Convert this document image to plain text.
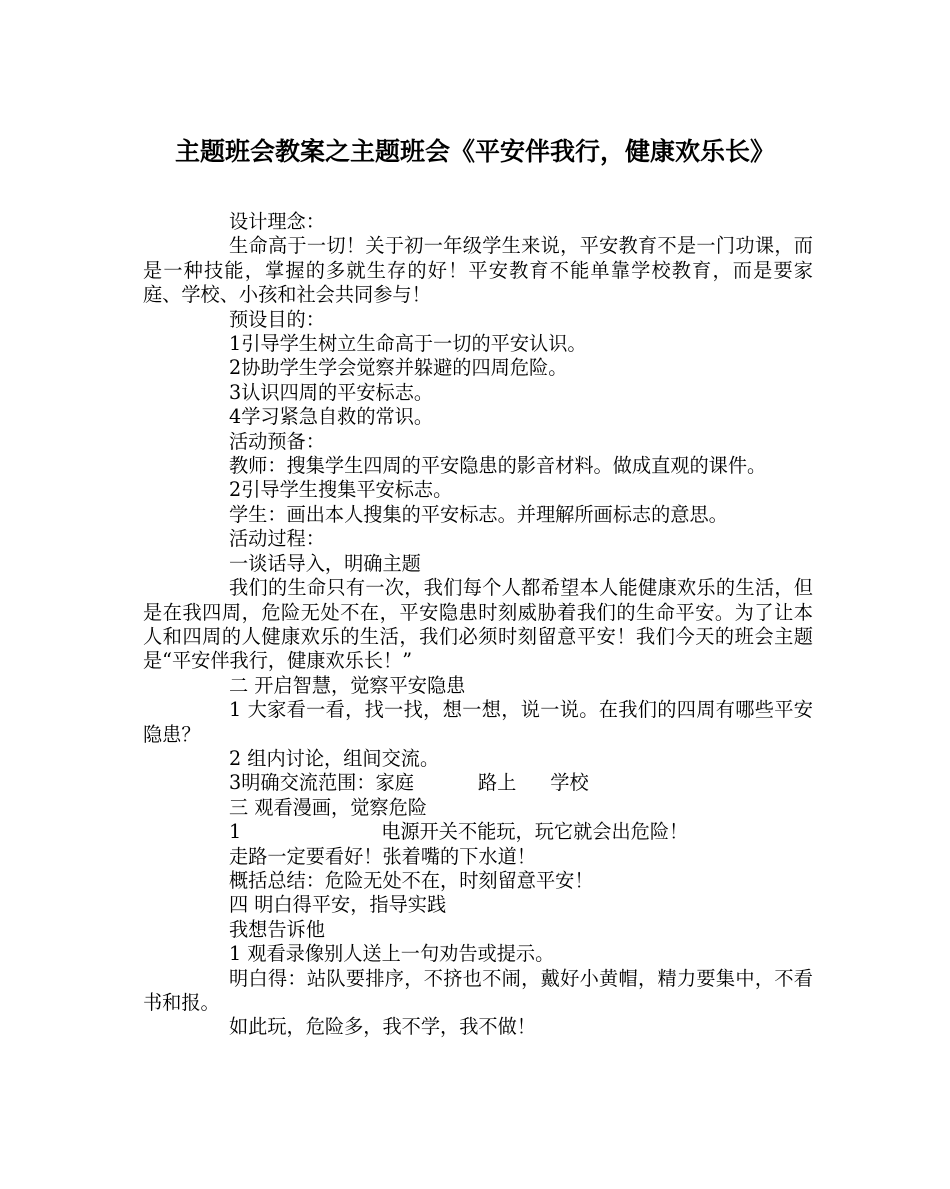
主题班会教案之主题班会《平安伴我行，健康欢乐长》

设计理念：

生命高于一切！关于初一年级学生来说，平安教育不是一门功课，而是一种技能，掌握的多就生存的好！平安教育不能单靠学校教育，而是要家庭、学校、小孩和社会共同参与！

预设目的：

1引导学生树立生命高于一切的平安认识。

2协助学生学会觉察并躲避的四周危险。

3认识四周的平安标志。

4学习紧急自救的常识。

活动预备：

教师：搜集学生四周的平安隐患的影音材料。做成直观的课件。

2引导学生搜集平安标志。

学生：画出本人搜集的平安标志。并理解所画标志的意思。

活动过程：

一谈话导入，明确主题

我们的生命只有一次，我们每个人都希望本人能健康欢乐的生活，但是在我四周，危险无处不在，平安隐患时刻威胁着我们的生命平安。为了让本人和四周的人健康欢乐的生活，我们必须时刻留意平安！我们今天的班会主题是“平安伴我行，健康欢乐长！”

二 开启智慧，觉察平安隐患

1 大家看一看，找一找，想一想，说一说。在我们的四周有哪些平安隐患？

2 组内讨论，组间交流。

3明确交流范围：家庭	路上 学校

三 观看漫画，觉察危险

1	电源开关不能玩，玩它就会出危险！

走路一定要看好！张着嘴的下水道！

概括总结：危险无处不在，时刻留意平安！

四 明白得平安，指导实践

我想告诉他

1 观看录像别人送上一句劝告或提示。

明白得：站队要排序，不挤也不闹，戴好小黄帽，精力要集中，不看书和报。

如此玩，危险多，我不学，我不做！
